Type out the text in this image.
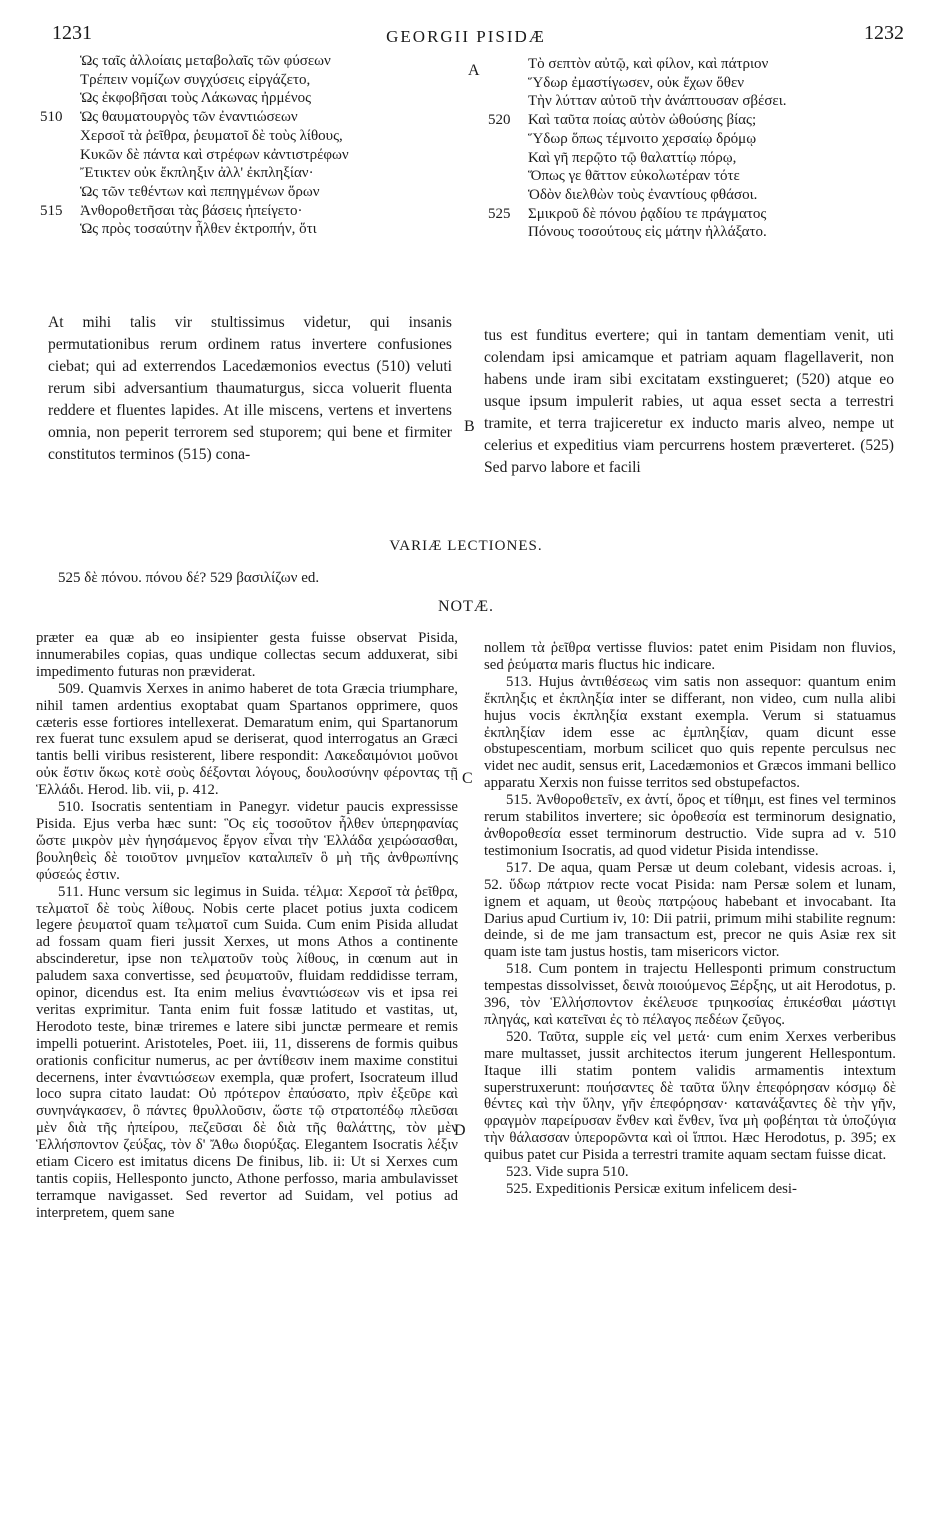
1231	GEORGII PISIDÆ	1232
Ὡς ταῖς ἀλλοίαις μεταβολαῖς τῶν φύσεων
Τρέπειν νομίζων συγχύσεις εἰργάζετο,
Ὡς ἐκφοβῆσαι τοὺς Λάκωνας ἠρμένος
510 Ὡς θαυματουργὸς τῶν ἐναντιώσεων
Χερσοῖ τὰ ῥεῖθρα, ῥευματοῖ δὲ τοὺς λίθους,
Κυκῶν δὲ πάντα καὶ στρέφων κἀντιστρέφων
Ἔτικτεν οὐκ ἔκπληξιν ἀλλ' ἐκπληξίαν·
Ὡς τῶν τεθέντων καὶ πεπηγμένων ὅρων
515 Ἀνθοροθετῆσαι τὰς βάσεις ἠπείγετο·
Ὡς πρὸς τοσαύτην ἦλθεν ἐκτροπήν, ὅτι
Τὸ σεπτὸν αὐτῷ, καὶ φίλον, καὶ πάτριον
Ὕδωρ ἐμαστίγωσεν, οὐκ ἔχων ὅθεν
Τὴν λύτταν αὐτοῦ τὴν ἀνάπτουσαν σβέσει.
520 Καὶ ταῦτα ποίας αὐτὸν ὠθούσης βίας;
Ὕδωρ ὅπως τέμνοιτο χερσαίῳ δρόμῳ
Καὶ γῆ περῷτο τῷ θαλαττίῳ πόρῳ,
Ὅπως γε θᾶττον εὐκολωτέραν τότε
Ὁδὸν διελθὼν τοὺς ἐναντίους φθάσοι.
525 Σμικροῦ δὲ πόνου ῥᾳδίου τε πράγματος
Πόνους τοσούτους εἰς μάτην ἠλλάξατο.
A
B
C
D

At mihi talis vir stultissimus videtur, qui insanis permutationibus rerum ordinem ratus invertere confusiones ciebat; qui ad exterrendos Lacedæmonios evectus (510) veluti rerum sibi adversantium thaumaturgus, sicca voluerit fluenta reddere et fluentes lapides. At ille miscens, vertens et invertens omnia, non peperit terrorem sed stuporem; qui bene et firmiter constitutos terminos (515) cona-

tus est funditus evertere; qui in tantam dementiam venit, uti colendam ipsi amicamque et patriam aquam flagellaverit, non habens unde iram sibi excitatam exstingueret; (520) atque eo usque ipsum impulerit rabies, ut aqua esset secta a terrestri tramite, et terra trajiceretur ex inducto maris alveo, nempe ut celerius et expeditius viam percurrens hostem præverteret. (525) Sed parvo labore et facili

VARIÆ LECTIONES.
525 δὲ πόνου. πόνου δέ? 529 βασιλίζων ed.
NOTÆ.

præter ea quæ ab eo insipienter gesta fuisse observat Pisida, innumerabiles copias, quas undique collectas secum adduxerat, sibi impedimento futuras non præviderat.

509. Quamvis Xerxes in animo haberet de tota Græcia triumphare, nihil tamen ardentius exoptabat quam Spartanos opprimere, quos cæteris esse fortiores intellexerat. Demaratum enim, qui Spartanorum rex fuerat tunc exsulem apud se deriserat, quod interrogatus an Græci tantis belli viribus resisterent, libere respondit: Λακεδαιμόνιοι μοῦνοι οὐκ ἔστιν ὅκως κοτὲ σοὺς δέξονται λόγους, δουλοσύνην φέροντας τῇ Ἑλλάδι. Herod. lib. vii, p. 412.

510. Isocratis sententiam in Panegyr. videtur paucis expressisse Pisida. Ejus verba hæc sunt: Ὃς εἰς τοσοῦτον ἦλθεν ὑπερηφανίας ὥστε μικρὸν μὲν ἡγησάμενος ἔργον εἶναι τὴν Ἑλλάδα χειρώσασθαι, βουληθεὶς δὲ τοιοῦτον μνημεῖον καταλιπεῖν ὃ μὴ τῆς ἀνθρωπίνης φύσεώς ἐστιν.

511. Hunc versum sic legimus in Suida. τέλμα: Χερσοῖ τὰ ῥεῖθρα, τελματοῖ δὲ τοὺς λίθους. Nobis certe placet potius juxta codicem legere ῥευματοῖ quam τελματοῖ cum Suida. Cum enim Pisida alludat ad fossam quam fieri jussit Xerxes, ut mons Athos a continente abscinderetur, ipse non τελματοῦν τοὺς λίθους, in cœnum aut in paludem saxa convertisse, sed ῥευματοῦν, fluidam reddidisse terram, opinor, dicendus est. Ita enim melius ἐναντιώσεων vis et ipsa rei veritas exprimitur. Tanta enim fuit fossæ latitudo et vastitas, ut, Herodoto teste, binæ triremes e latere sibi junctæ permeare et remis impelli potuerint. Aristoteles, Poet. iii, 11, disserens de formis quibus orationis conficitur numerus, ac per ἀντίθεσιν inem maxime constitui decernens, inter ἐναντιώσεων exempla, quæ profert, Isocrateum illud loco supra citato laudat: Οὐ πρότερον ἐπαύσατο, πρὶν ἐξεῦρε καὶ συνηνάγκασεν, ὃ πάντες θρυλλοῦσιν, ὥστε τῷ στρατοπέδῳ πλεῦσαι μὲν διὰ τῆς ἠπείρου, πεζεῦσαι δὲ διὰ τῆς θαλάττης, τὸν μὲν Ἑλλήσποντον ζεύξας, τὸν δ' Ἄθω διορύξας. Elegantem Isocratis λέξιν etiam Cicero est imitatus dicens De finibus, lib. ii: Ut si Xerxes cum tantis copiis, Hellesponto juncto, Athone perfosso, maria ambulavisset terramque navigasset. Sed revertor ad Suidam, vel potius ad interpretem, quem sane

nollem τὰ ῥεῖθρα vertisse fluvios: patet enim Pisidam non fluvios, sed ῥεύματα maris fluctus hic indicare.

513. Hujus ἀντιθέσεως vim satis non assequor: quantum enim ἔκπληξις et ἐκπληξία inter se differant, non video, cum nulla alibi hujus vocis ἐκπληξία exstant exempla. Verum si statuamus ἐκπληξίαν idem esse ac ἐμπληξίαν, quam dicunt esse obstupescentiam, morbum scilicet quo quis repente perculsus nec videt nec audit, sensus erit, Lacedæmonios et Græcos immani bellico apparatu Xerxis non fuisse territos sed obstupefactos.

515. Ἀνθοροθετεῖν, ex ἀντί, ὅρος et τίθημι, est fines vel terminos rerum stabilitos invertere; sic ὁροθεσία est terminorum designatio, ἀνθοροθεσία esset terminorum destructio. Vide supra ad v. 510 testimonium Isocratis, ad quod videtur Pisida intendisse.

517. De aqua, quam Persæ ut deum colebant, videsis acroas. i, 52. ὕδωρ πάτριον recte vocat Pisida: nam Persæ solem et lunam, ignem et aquam, ut θεοὺς πατρῴους habebant et invocabant. Ita Darius apud Curtium iv, 10: Dii patrii, primum mihi stabilite regnum: deinde, si de me jam transactum est, precor ne quis Asiæ rex sit quam iste tam justus hostis, tam misericors victor.

518. Cum pontem in trajectu Hellesponti primum constructum tempestas dissolvisset, δεινὰ ποιούμενος Ξέρξης, ut ait Herodotus, p. 396, τὸν Ἑλλήσποντον ἐκέλευσε τριηκοσίας ἐπικέσθαι μάστιγι πληγάς, καὶ κατεῖναι ἐς τὸ πέλαγος πεδέων ζεῦγος.

520. Ταῦτα, supple εἰς vel μετά· cum enim Xerxes verberibus mare multasset, jussit architectos iterum jungerent Hellespontum. Itaque illi statim pontem validis armamentis intextum superstruxerunt: ποιήσαντες δὲ ταῦτα ὕλην ἐπεφόρησαν κόσμῳ δὲ θέντες καὶ τὴν ὕλην, γῆν ἐπεφόρησαν· κατανάξαντες δὲ τὴν γῆν, φραγμὸν παρείρυσαν ἔνθεν καὶ ἔνθεν, ἵνα μὴ φοβέηται τὰ ὑποζύγια τὴν θάλασσαν ὑπερορῶντα καὶ οἱ ἵπποι. Hæc Herodotus, p. 395; ex quibus patet cur Pisida a terrestri tramite aquam sectam fuisse dicat.

523. Vide supra 510.

525. Expeditionis Persicæ exitum infelicem desi-
